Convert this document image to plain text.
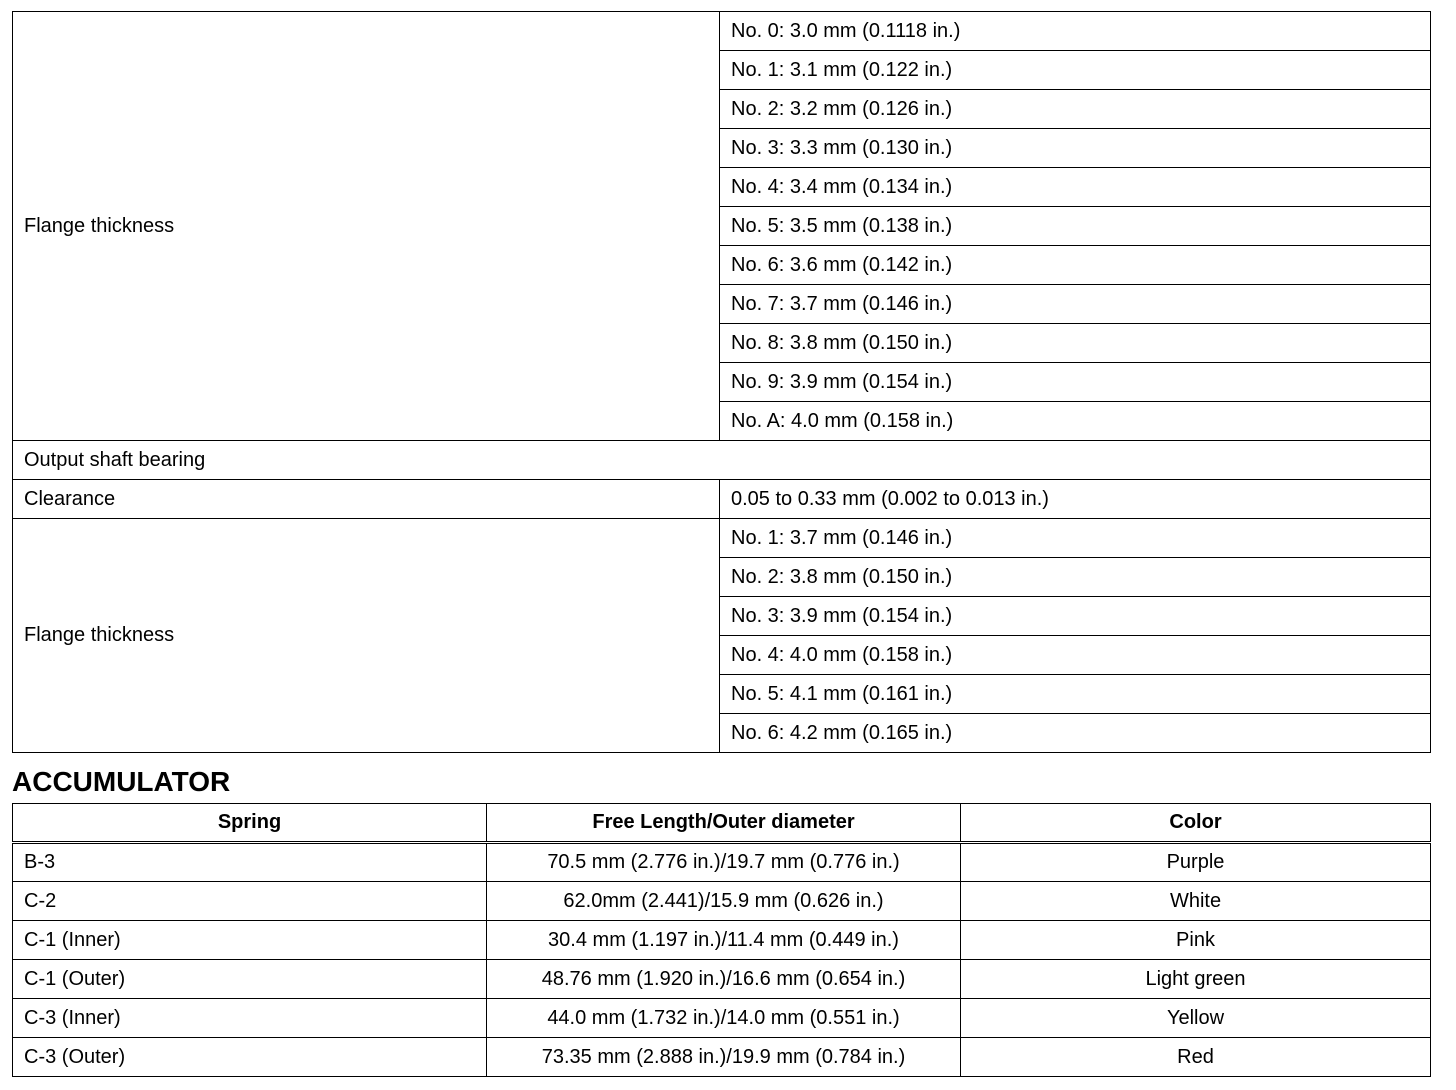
Flange thickness	No. 0: 3.0 mm (0.1118 in.)
	No. 1: 3.1 mm (0.122 in.)
	No. 2: 3.2 mm (0.126 in.)
	No. 3: 3.3 mm (0.130 in.)
	No. 4: 3.4 mm (0.134 in.)
	No. 5: 3.5 mm (0.138 in.)
	No. 6: 3.6 mm (0.142 in.)
	No. 7: 3.7 mm (0.146 in.)
	No. 8: 3.8 mm (0.150 in.)
	No. 9: 3.9 mm (0.154 in.)
	No. A: 4.0 mm (0.158 in.)
Output shaft bearing	
Clearance	0.05 to 0.33 mm (0.002 to 0.013 in.)
Flange thickness	No. 1: 3.7 mm (0.146 in.)
	No. 2: 3.8 mm (0.150 in.)
	No. 3: 3.9 mm (0.154 in.)
	No. 4: 4.0 mm (0.158 in.)
	No. 5: 4.1 mm (0.161 in.)
	No. 6: 4.2 mm (0.165 in.)
ACCUMULATOR
Spring	Free Length/Outer diameter	Color
B-3	70.5 mm (2.776 in.)/19.7 mm (0.776 in.)	Purple
C-2	62.0mm (2.441)/15.9 mm (0.626 in.)	White
C-1 (Inner)	30.4 mm (1.197 in.)/11.4 mm (0.449 in.)	Pink
C-1 (Outer)	48.76 mm (1.920 in.)/16.6 mm (0.654 in.)	Light green
C-3 (Inner)	44.0 mm (1.732 in.)/14.0 mm (0.551 in.)	Yellow
C-3 (Outer)	73.35 mm (2.888 in.)/19.9 mm (0.784 in.)	Red
